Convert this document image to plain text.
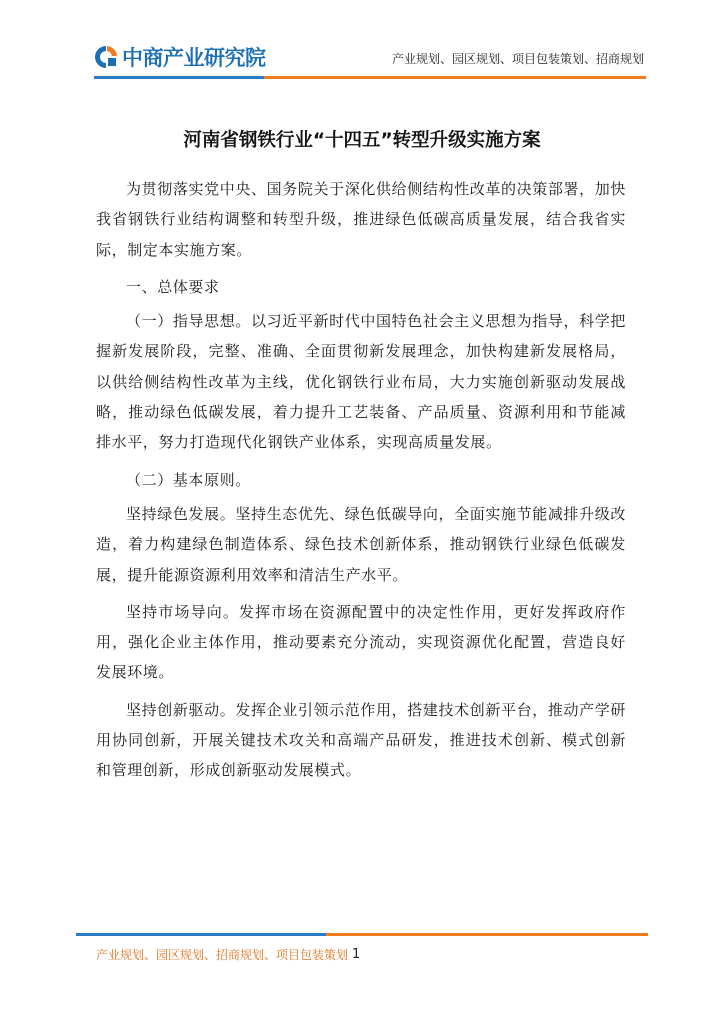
中商产业研究院	产业规划、园区规划、项目包装策划、招商规划
河南省钢铁行业“十四五”转型升级实施方案

为贯彻落实党中央、国务院关于深化供给侧结构性改革的决策部署，加快我省钢铁行业结构调整和转型升级，推进绿色低碳高质量发展，结合我省实际，制定本实施方案。

一、总体要求

（一）指导思想。以习近平新时代中国特色社会主义思想为指导，科学把握新发展阶段，完整、准确、全面贯彻新发展理念，加快构建新发展格局，以供给侧结构性改革为主线，优化钢铁行业布局，大力实施创新驱动发展战略，推动绿色低碳发展，着力提升工艺装备、产品质量、资源利用和节能减排水平，努力打造现代化钢铁产业体系，实现高质量发展。

（二）基本原则。

坚持绿色发展。坚持生态优先、绿色低碳导向，全面实施节能减排升级改造，着力构建绿色制造体系、绿色技术创新体系，推动钢铁行业绿色低碳发展，提升能源资源利用效率和清洁生产水平。

坚持市场导向。发挥市场在资源配置中的决定性作用，更好发挥政府作用，强化企业主体作用，推动要素充分流动，实现资源优化配置，营造良好发展环境。

坚持创新驱动。发挥企业引领示范作用，搭建技术创新平台，推动产学研用协同创新，开展关键技术攻关和高端产品研发，推进技术创新、模式创新和管理创新，形成创新驱动发展模式。

产业规划、园区规划、招商规划、项目包装策划 1
